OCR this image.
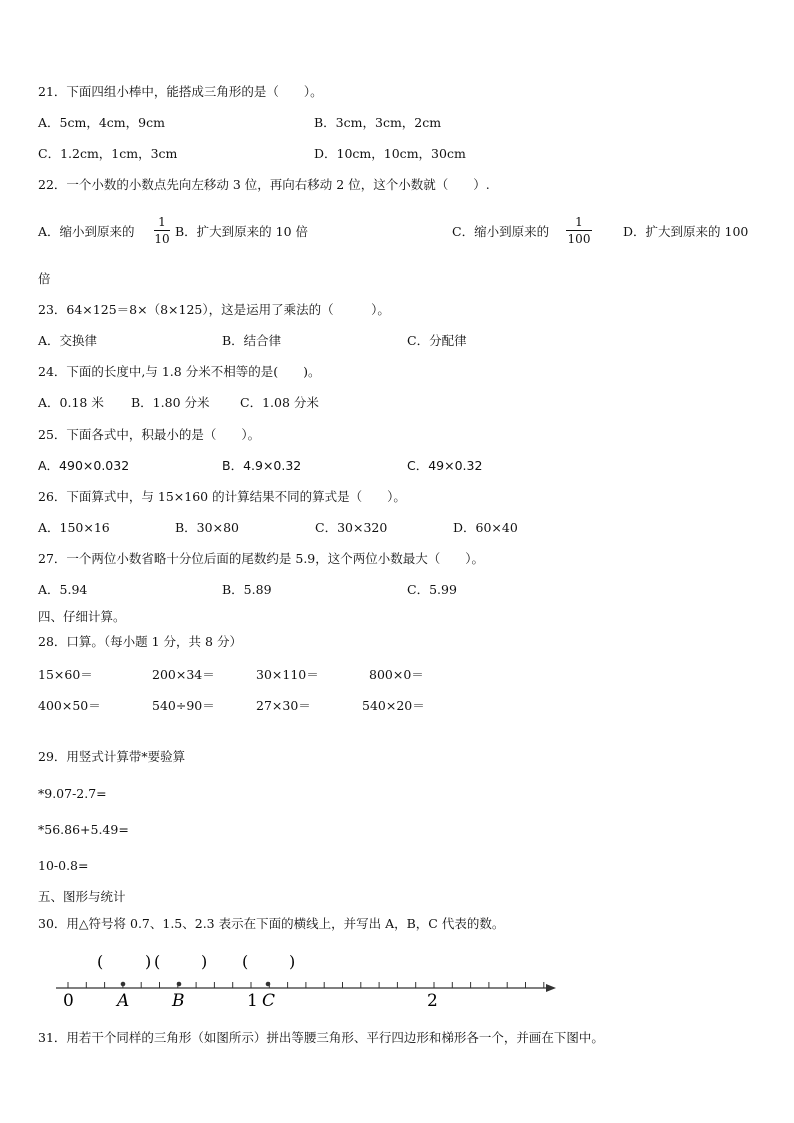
21．下面四组小棒中，能搭成三角形的是（　　）。
A．5cm，4cm，9cm	B．3cm，3cm，2cm
C．1.2cm，1cm，3cm	D．10cm，10cm，30cm
22．一个小数的小数点先向左移动 3 位，再向右移动 2 位，这个小数就（　　）.
A．缩小到原来的
1
10 B．扩大到原来的 10 倍	C．缩小到原来的
1
100	D．扩大到原来的 100
倍
23．64×125＝8×（8×125），这是运用了乘法的（　　　）。
A．交换律	B．结合律	C．分配律
24．下面的长度中,与 1.8 分米不相等的是(　　)。
A．0.18 米 B．1.80 分米 C．1.08 分米
25．下面各式中，积最小的是（　　）。
A．490×0.032	B．4.9×0.32	C．49×0.32
26．下面算式中，与 15×160 的计算结果不同的算式是（　　）。
A．150×16	B．30×80	C．30×320	D．60×40
27．一个两位小数省略十分位后面的尾数约是 5.9，这个两位小数最大（　　）。
A．5.94	B．5.89	C．5.99
四、仔细计算。
28．口算。（每小题 1 分，共 8 分）
15×60＝	200×34＝	30×110＝	800×0＝
400×50＝	540÷90＝	27×30＝	540×20＝
29．用竖式计算带*要验算
*9.07-2.7=
*56.86+5.49=
10-0.8=
五、图形与统计
30．用△符号将 0.7、1.5、2.3 表示在下面的横线上，并写出 A，B，C 代表的数。
(	) (	) (	)
0	A	B	1 C	2
31．用若干个同样的三角形（如图所示）拼出等腰三角形、平行四边形和梯形各一个，并画在下图中。
